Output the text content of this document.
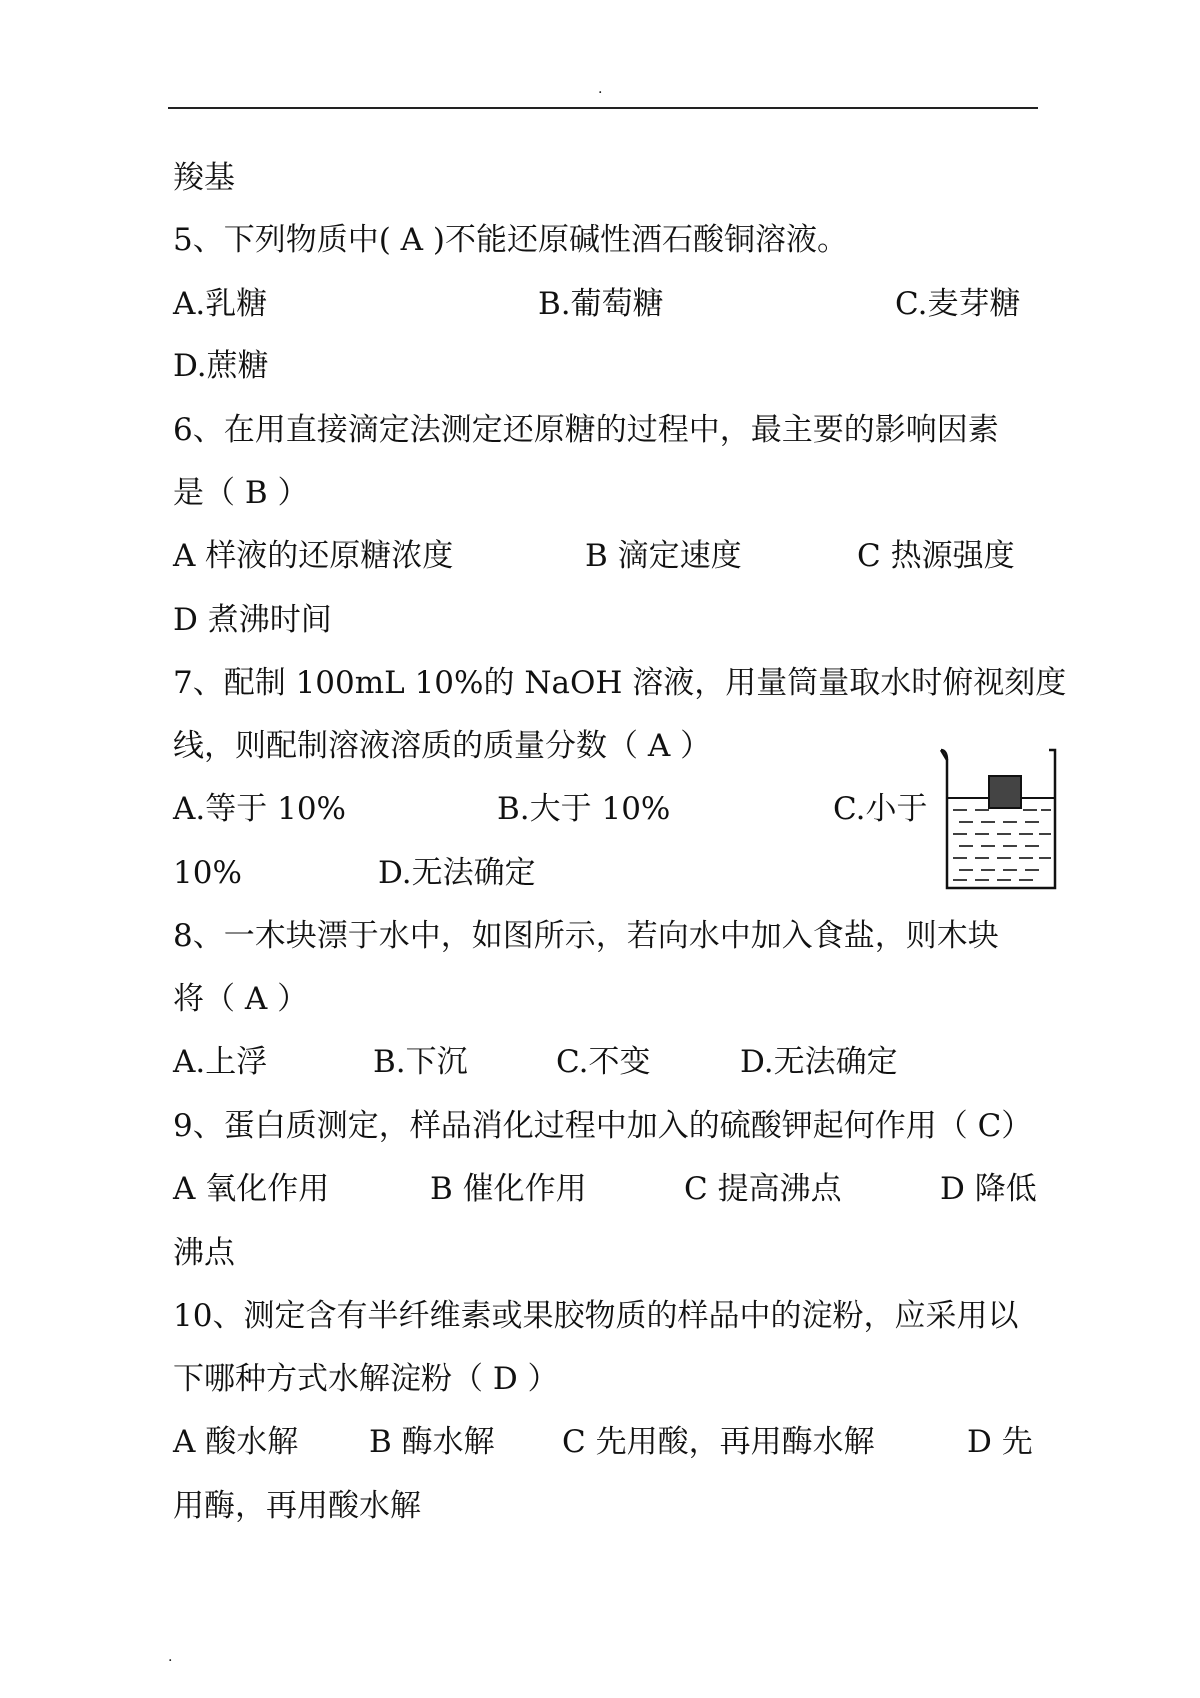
.
羧基
5、下列物质中( A )不能还原碱性酒石酸铜溶液。
A.乳糖	B.葡萄糖	C.麦芽糖
D.蔗糖
6、在用直接滴定法测定还原糖的过程中，最主要的影响因素
是（ B ）
A 样液的还原糖浓度	B 滴定速度	C 热源强度
D 煮沸时间
7、配制 100mL 10%的 NaOH 溶液，用量筒量取水时俯视刻度
线，则配制溶液溶质的质量分数（ A ）
A.等于 10%	B.大于 10%	C.小于
10%	D.无法确定
8、一木块漂于水中，如图所示，若向水中加入食盐，则木块
将（ A ）
A.上浮	B.下沉	C.不变	D.无法确定
9、蛋白质测定，样品消化过程中加入的硫酸钾起何作用（ C）
A 氧化作用	B 催化作用	C 提高沸点	D 降低
沸点
10、测定含有半纤维素或果胶物质的样品中的淀粉，应采用以
下哪种方式水解淀粉（ D ）
A 酸水解 B 酶水解 C 先用酸，再用酶水解	D 先
用酶，再用酸水解
.
